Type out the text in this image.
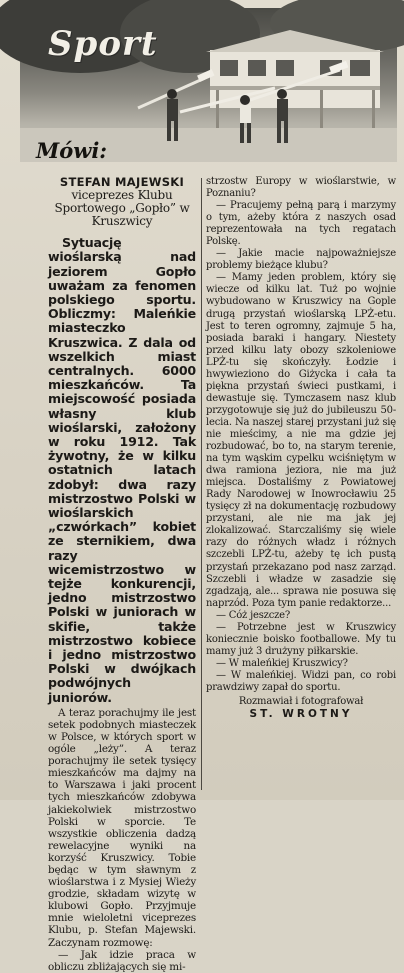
Sport
Mówi:

STEFAN MAJEWSKI

viceprezes Klubu Sportowego „Gopło” w Kruszwicy

Sytuację wioślarską nad jeziorem Gopło uważam za fenomen polskiego sportu. Obliczmy: Maleńkie miasteczko Kruszwica. Z dala od wszelkich miast centralnych. 6000 mieszkańców. Ta miejscowość posiada własny klub wioślarski, założony w roku 1912. Tak żywotny, że w kilku ostatnich latach zdobył: dwa razy mistrzostwo Polski w wioślarskich „czwórkach” kobiet ze sternikiem, dwa razy wicemistrzostwo w tejże konkurencji, jedno mistrzostwo Polski w juniorach w skifie, także mistrzostwo kobiece i jedno mistrzostwo Polski w dwójkach podwójnych juniorów.

A teraz porachujmy ile jest setek podobnych miasteczek w Polsce, w których sport w ogóle „leży”. A teraz porachujmy ile setek tysięcy mieszkańców ma dajmy na to Warszawa i jaki procent tych mieszkańców zdobywa jakiekolwiek mistrzostwo Polski w sporcie. Te wszystkie obliczenia dadzą rewelacyjne wyniki na korzyść Kruszwicy. Tobie będąc w tym sławnym z wioślarstwa i z Mysiej Wieży grodzie, składam wizytę w klubowi Gopło. Przyjmuje mnie wieloletni viceprezes Klubu, p. Stefan Majewski. Zaczynam rozmowę:

— Jak idzie praca w obliczu zbliżających się mi-

strzostw Europy w wioślarstwie, w Poznaniu?

— Pracujemy pełną parą i marzymy o tym, ażeby która z naszych osad reprezentowała na tych regatach Polskę.

— Jakie macie najpoważniejsze problemy bieżące klubu?

— Mamy jeden problem, który się wiecze od kilku lat. Tuż po wojnie wybudowano w Kruszwicy na Gople drugą przystań wioślarską LPŻ-etu. Jest to teren ogromny, zajmuje 5 ha, posiada baraki i hangary. Niestety przed kilku laty obozy szkoleniowe LPŻ-tu się skończyły. Łodzie i hwywieziono do Giżycka i cała ta piękna przystań świeci pustkami, i dewastuje się. Tymczasem nasz klub przygotowuje się już do jubileuszu 50-lecia. Na naszej starej przystani już się nie mieścimy, a nie ma gdzie jej rozbudować, bo to, na starym terenie, na tym wąskim cypelku wciśniętym w dwa ramiona jeziora, nie ma już miejsca. Dostaliśmy z Powiatowej Rady Narodowej w Inowrocławiu 25 tysięcy zł na dokumentację rozbudowy przystani, ale nie ma jak jej zlokalizować. Starczaliśmy się wiele razy do różnych władz i różnych szczebli LPŻ-tu, ażeby tę ich pustą przystań przekazano pod nasz zarząd. Szczebli i władze w zasadzie się zgadzają, ale... sprawa nie posuwa się naprzód. Poza tym panie redaktorze...

— Cóż jeszcze?

— Potrzebne jest w Kruszwicy koniecznie boisko footballowe. My tu mamy już 3 drużyny piłkarskie.

— W maleńkiej Kruszwicy?

— W maleńkiej. Widzi pan, co robi prawdziwy zapał do sportu.

Rozmawiał i fotografował
ST. WROTNY
